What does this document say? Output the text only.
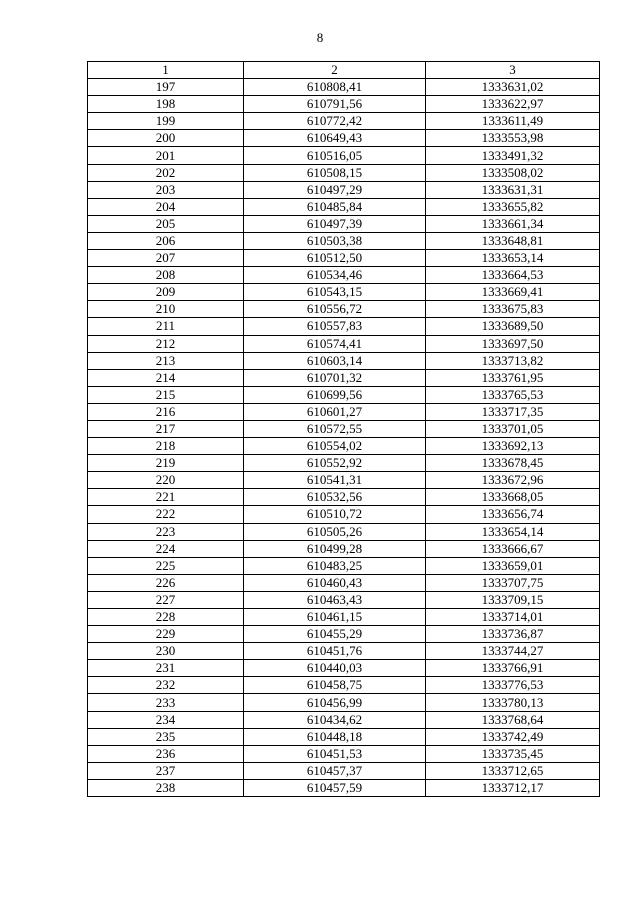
8
1	2	3
197	610808,41	1333631,02
198	610791,56	1333622,97
199	610772,42	1333611,49
200	610649,43	1333553,98
201	610516,05	1333491,32
202	610508,15	1333508,02
203	610497,29	1333631,31
204	610485,84	1333655,82
205	610497,39	1333661,34
206	610503,38	1333648,81
207	610512,50	1333653,14
208	610534,46	1333664,53
209	610543,15	1333669,41
210	610556,72	1333675,83
211	610557,83	1333689,50
212	610574,41	1333697,50
213	610603,14	1333713,82
214	610701,32	1333761,95
215	610699,56	1333765,53
216	610601,27	1333717,35
217	610572,55	1333701,05
218	610554,02	1333692,13
219	610552,92	1333678,45
220	610541,31	1333672,96
221	610532,56	1333668,05
222	610510,72	1333656,74
223	610505,26	1333654,14
224	610499,28	1333666,67
225	610483,25	1333659,01
226	610460,43	1333707,75
227	610463,43	1333709,15
228	610461,15	1333714,01
229	610455,29	1333736,87
230	610451,76	1333744,27
231	610440,03	1333766,91
232	610458,75	1333776,53
233	610456,99	1333780,13
234	610434,62	1333768,64
235	610448,18	1333742,49
236	610451,53	1333735,45
237	610457,37	1333712,65
238	610457,59	1333712,17
